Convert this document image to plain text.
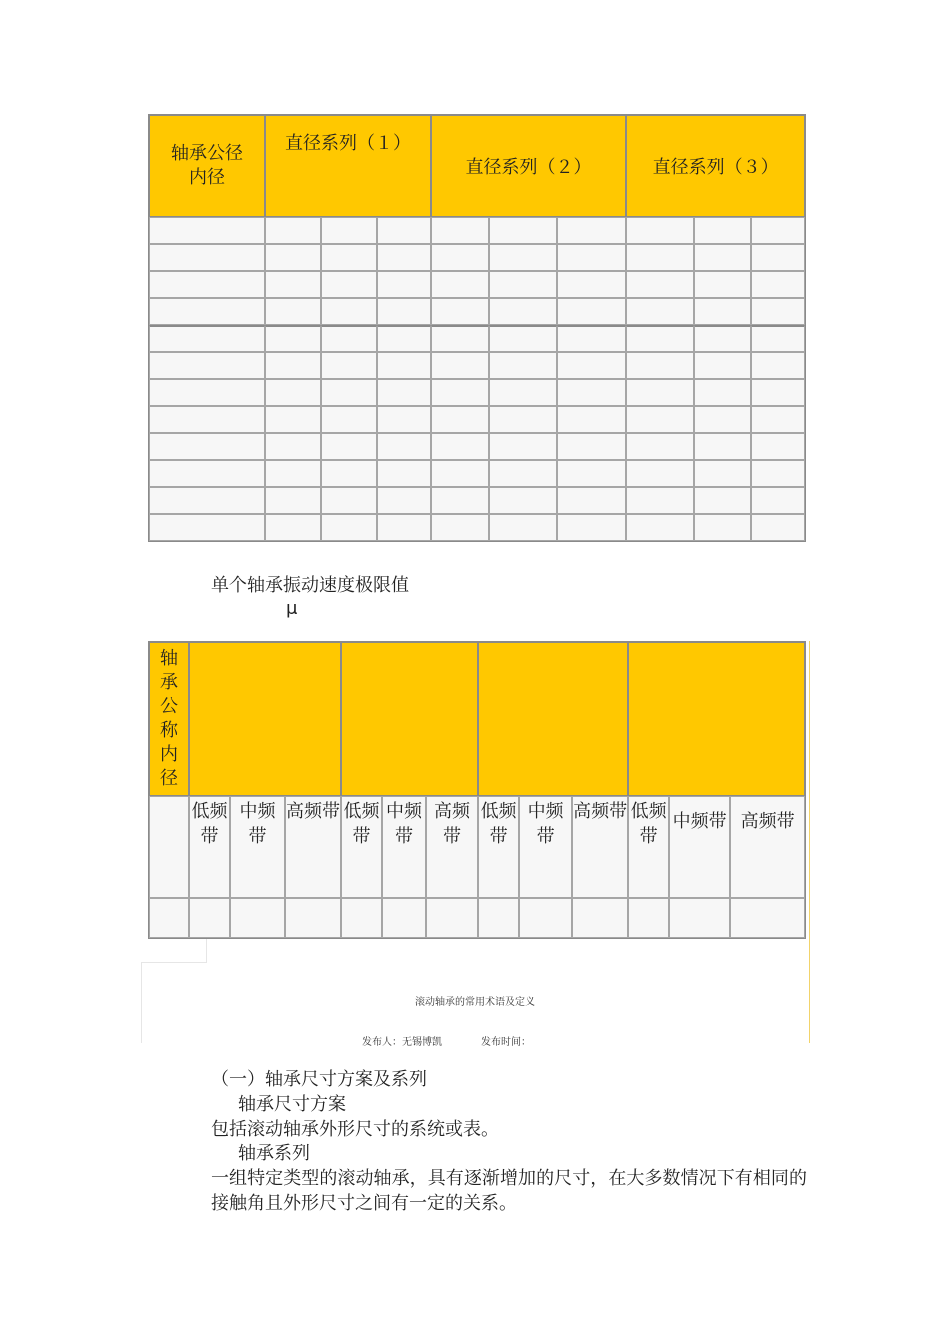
轴承公径内径	直径系列（１）			直径系列（２）			直径系列（３）		

单个轴承振动速度极限值
μ
轴承公称内径												
	低频带	中频带	高频带	低频带	中频带	高频带	低频带	中频带	高频带	低频带	中频带	高频带

滚动轴承的常用术语及定义
发布人：无锡博凯	发布时间：
（一）轴承尺寸方案及系列
轴承尺寸方案
包括滚动轴承外形尺寸的系统或表。
轴承系列
一组特定类型的滚动轴承，具有逐渐增加的尺寸，在大多数情况下有相同的接触角且外形尺寸之间有一定的关系。
